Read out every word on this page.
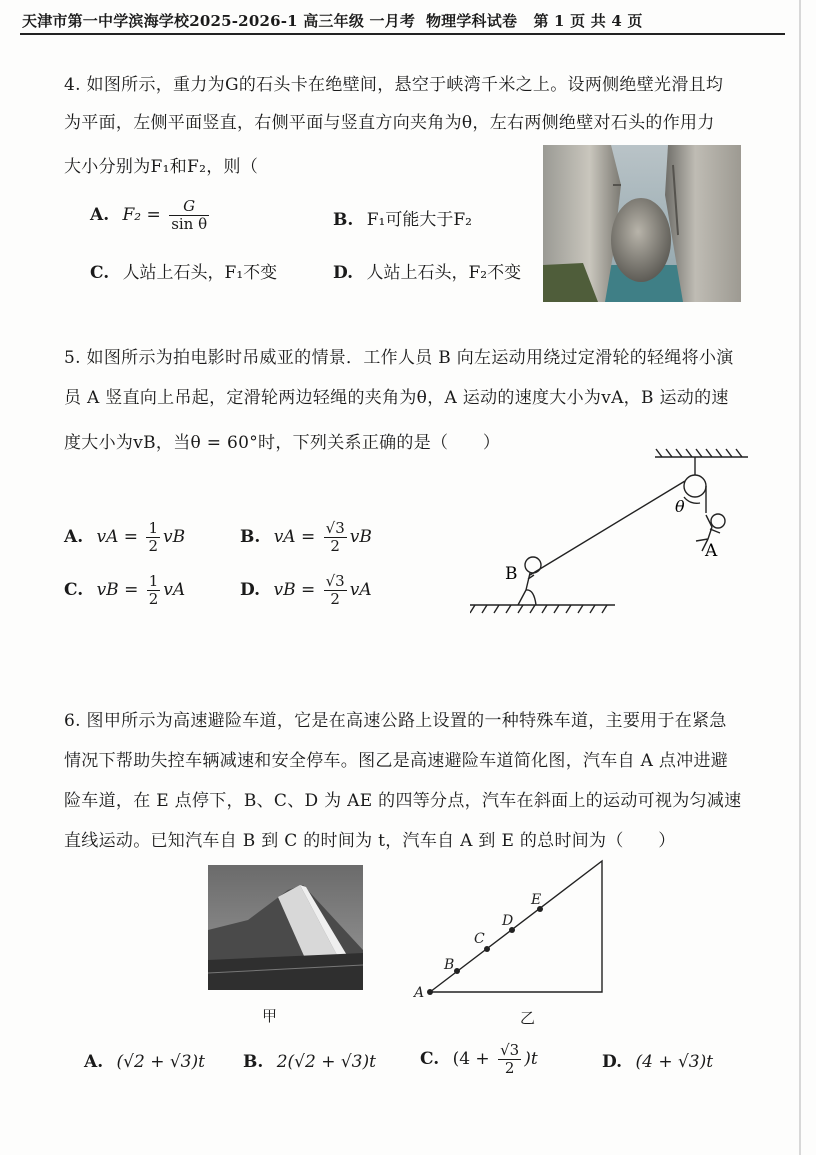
天津市第一中学滨海学校2025-2026-1 高三年级 一月考 物理学科试卷 第 1 页 共 4 页
4. 如图所示，重力为G的石头卡在绝壁间，悬空于峡湾千米之上。设两侧绝壁光滑且均
为平面，左侧平面竖直，右侧平面与竖直方向夹角为θ，左右两侧绝壁对石头的作用力
大小分别为F₁和F₂，则（
A. $F_2 = \frac{G}{\text{sin θ}}$	B. F₁可能大于F₂
C. 人站上石头，F₁不变	D. 人站上石头，F₂不变
5. 如图所示为拍电影时吊威亚的情景．工作人员 B 向左运动用绕过定滑轮的轻绳将小演
员 A 竖直向上吊起，定滑轮两边轻绳的夹角为θ，A 运动的速度大小为vA，B 运动的速
度大小为vB，当θ = 60°时，下列关系正确的是（　　）
A. vA = $\frac{1}{2}$ vB	B. vA = $\frac{√3}{2}$ vB
C. vB = $\frac{1}{2}$ vA	D. vB = $\frac{√3}{2}$ vA
θ
A
B
6. 图甲所示为高速避险车道，它是在高速公路上设置的一种特殊车道，主要用于在紧急
情况下帮助失控车辆减速和安全停车。图乙是高速避险车道简化图，汽车自 A 点冲进避
险车道，在 E 点停下，B、C、D 为 AE 的四等分点，汽车在斜面上的运动可视为匀减速
直线运动。已知汽车自 B 到 C 的时间为 t，汽车自 A 到 E 的总时间为（　　）
甲
A
B
C
D
E
乙
A. (√2 + √3)t B. 2(√2 + √3)t	C. $(4 + \frac{√3}{2} )t$	D. (4 + √3)t
